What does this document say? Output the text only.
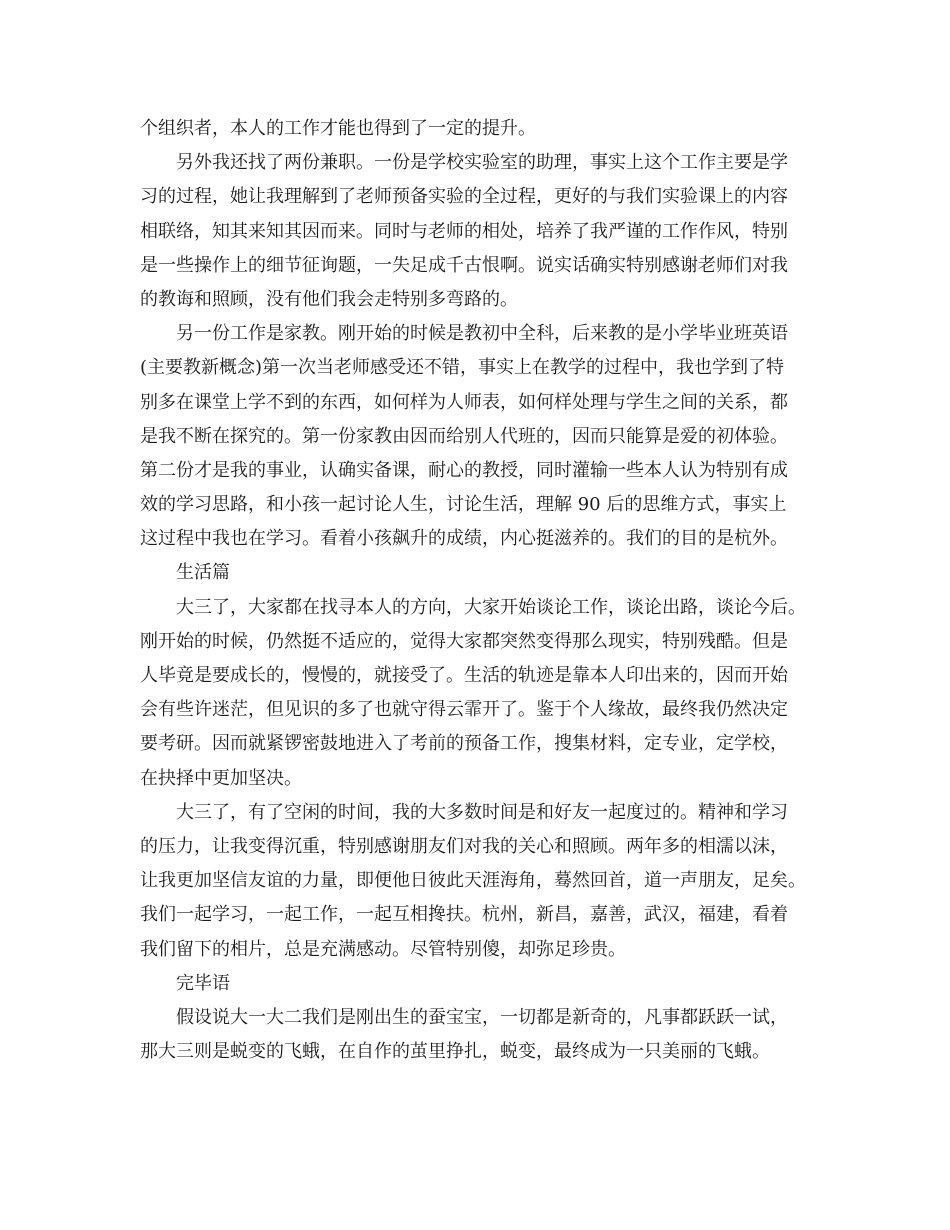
个组织者，本人的工作才能也得到了一定的提升。
另外我还找了两份兼职。一份是学校实验室的助理，事实上这个工作主要是学
习的过程，她让我理解到了老师预备实验的全过程，更好的与我们实验课上的内容
相联络，知其来知其因而来。同时与老师的相处，培养了我严谨的工作作风，特别
是一些操作上的细节征询题，一失足成千古恨啊。说实话确实特别感谢老师们对我
的教诲和照顾，没有他们我会走特别多弯路的。
另一份工作是家教。刚开始的时候是教初中全科，后来教的是小学毕业班英语
(主要教新概念)第一次当老师感受还不错，事实上在教学的过程中，我也学到了特
别多在课堂上学不到的东西，如何样为人师表，如何样处理与学生之间的关系，都
是我不断在探究的。第一份家教由因而给别人代班的，因而只能算是爱的初体验。
第二份才是我的事业，认确实备课，耐心的教授，同时灌输一些本人认为特别有成
效的学习思路，和小孩一起讨论人生，讨论生活，理解 90 后的思维方式，事实上
这过程中我也在学习。看着小孩飙升的成绩，内心挺滋养的。我们的目的是杭外。
生活篇
大三了，大家都在找寻本人的方向，大家开始谈论工作，谈论出路，谈论今后。
刚开始的时候，仍然挺不适应的，觉得大家都突然变得那么现实，特别残酷。但是
人毕竟是要成长的，慢慢的，就接受了。生活的轨迹是靠本人印出来的，因而开始
会有些许迷茫，但见识的多了也就守得云霏开了。鉴于个人缘故，最终我仍然决定
要考研。因而就紧锣密鼓地进入了考前的预备工作，搜集材料，定专业，定学校，
在抉择中更加坚决。
大三了，有了空闲的时间，我的大多数时间是和好友一起度过的。精神和学习
的压力，让我变得沉重，特别感谢朋友们对我的关心和照顾。两年多的相濡以沫，
让我更加坚信友谊的力量，即便他日彼此天涯海角，蓦然回首，道一声朋友，足矣。
我们一起学习，一起工作，一起互相搀扶。杭州，新昌，嘉善，武汉，福建，看着
我们留下的相片，总是充满感动。尽管特别傻，却弥足珍贵。
完毕语
假设说大一大二我们是刚出生的蚕宝宝，一切都是新奇的，凡事都跃跃一试，
那大三则是蜕变的飞蛾，在自作的茧里挣扎，蜕变，最终成为一只美丽的飞蛾。
